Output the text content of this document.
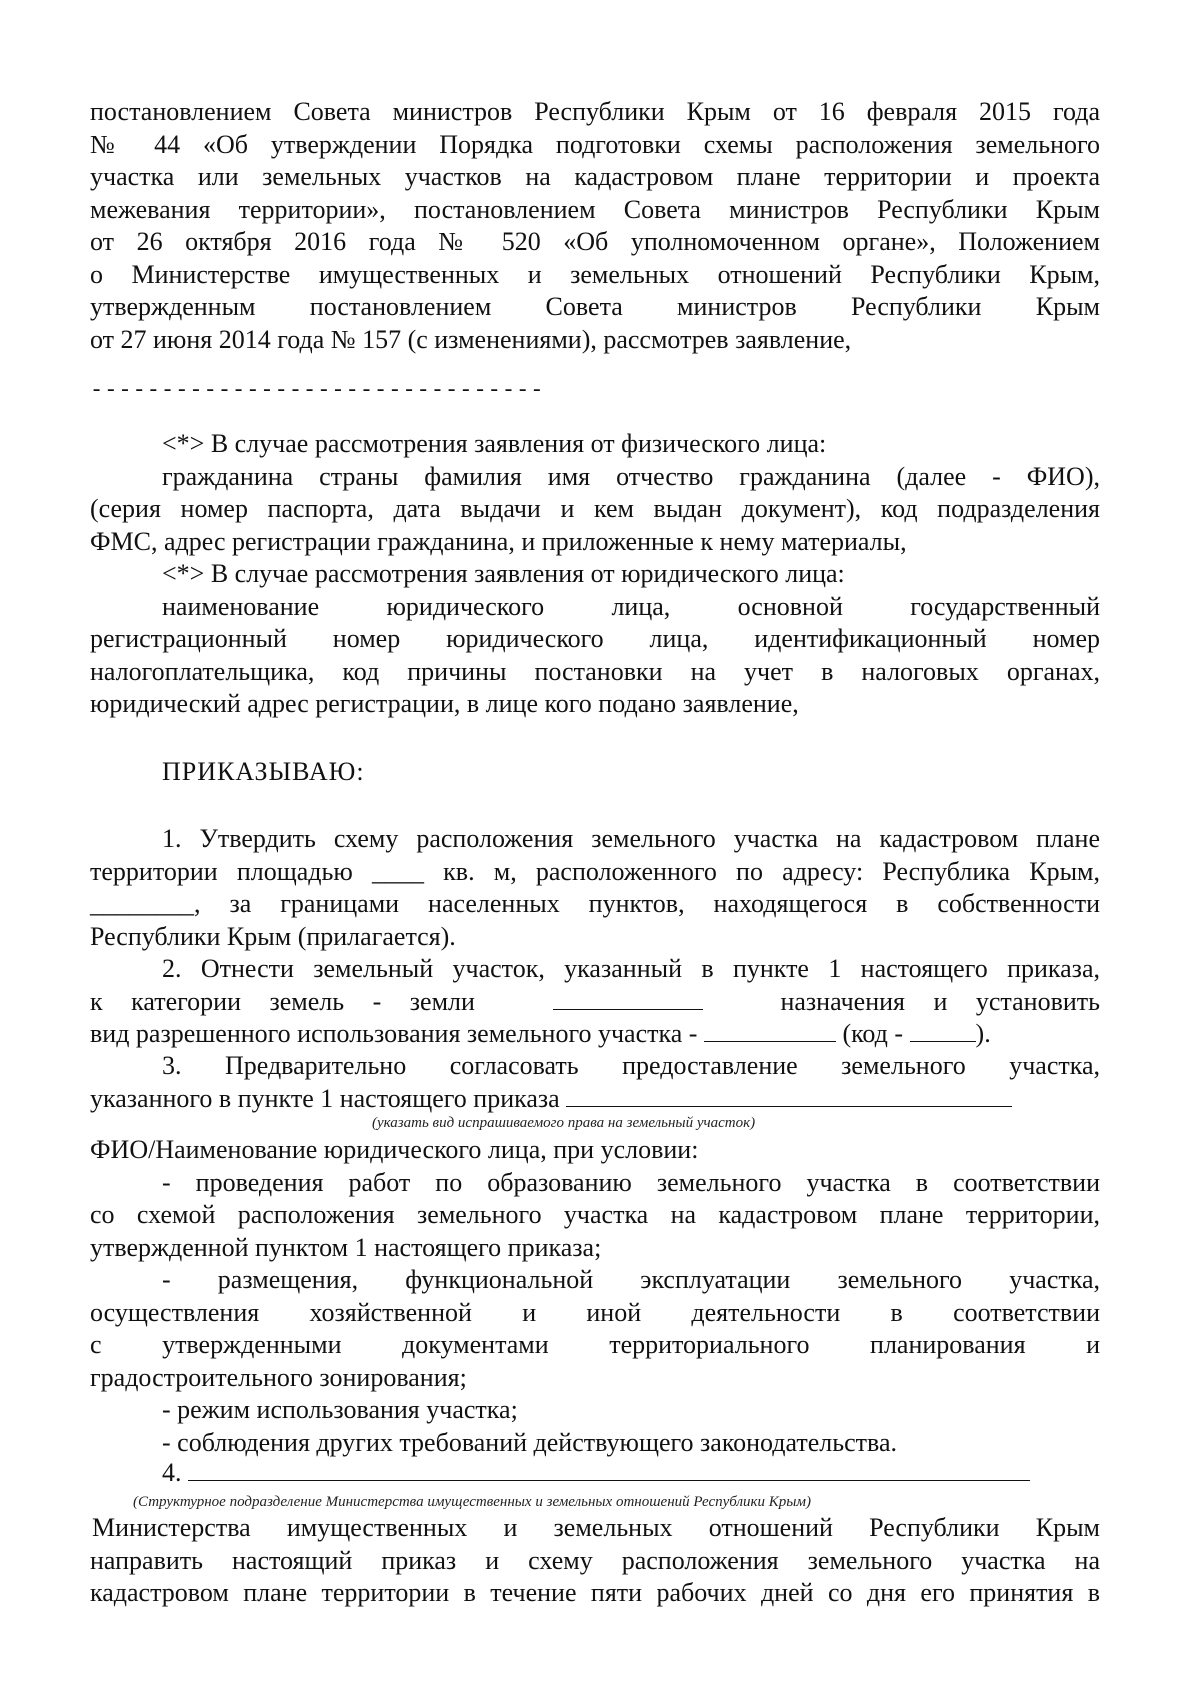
постановлением Совета министров Республики Крым от 16 февраля 2015 года
№ 44 «Об утверждении Порядка подготовки схемы расположения земельного
участка или земельных участков на кадастровом плане территории и проекта
межевания территории», постановлением Совета министров Республики Крым
от 26 октября 2016 года № 520 «Об уполномоченном органе», Положением
о Министерстве имущественных и земельных отношений Республики Крым,
утвержденным постановлением Совета министров Республики Крым
от 27 июня 2014 года № 157 (с изменениями), рассмотрев заявление,
--------------------------------
<*> В случае рассмотрения заявления от физического лица:
гражданина страны фамилия имя отчество гражданина (далее - ФИО),
(серия номер паспорта, дата выдачи и кем выдан документ), код подразделения
ФМС, адрес регистрации гражданина, и приложенные к нему материалы,
<*> В случае рассмотрения заявления от юридического лица:
наименование юридического лица, основной государственный
регистрационный номер юридического лица, идентификационный номер
налогоплательщика, код причины постановки на учет в налоговых органах,
юридический адрес регистрации, в лице кого подано заявление,
ПРИКАЗЫВАЮ:
1. Утвердить схему расположения земельного участка на кадастровом плане
территории площадью ____ кв. м, расположенного по адресу: Республика Крым,
________, за границами населенных пунктов, находящегося в собственности
Республики Крым (прилагается).
2. Отнести земельный участок, указанный в пункте 1 настоящего приказа,
к категории земель - земли	назначения и установить
вид разрешенного использования земельного участка -	(код -	).
3. Предварительно согласовать предоставление земельного участка,
указанного в пункте 1 настоящего приказа
(указать вид испрашиваемого права на земельный участок)
ФИО/Наименование юридического лица, при условии:
- проведения работ по образованию земельного участка в соответствии
со схемой расположения земельного участка на кадастровом плане территории,
утвержденной пунктом 1 настоящего приказа;
- размещения, функциональной эксплуатации земельного участка,
осуществления хозяйственной и иной деятельности в соответствии
с утвержденными документами территориального планирования и
градостроительного зонирования;
- режим использования участка;
- соблюдения других требований действующего законодательства.
4.
(Структурное подразделение Министерства имущественных и земельных отношений Республики Крым)
Министерства имущественных и земельных отношений Республики Крым
направить настоящий приказ и схему расположения земельного участка на
кадастровом плане территории в течение пяти рабочих дней со дня его принятия в
